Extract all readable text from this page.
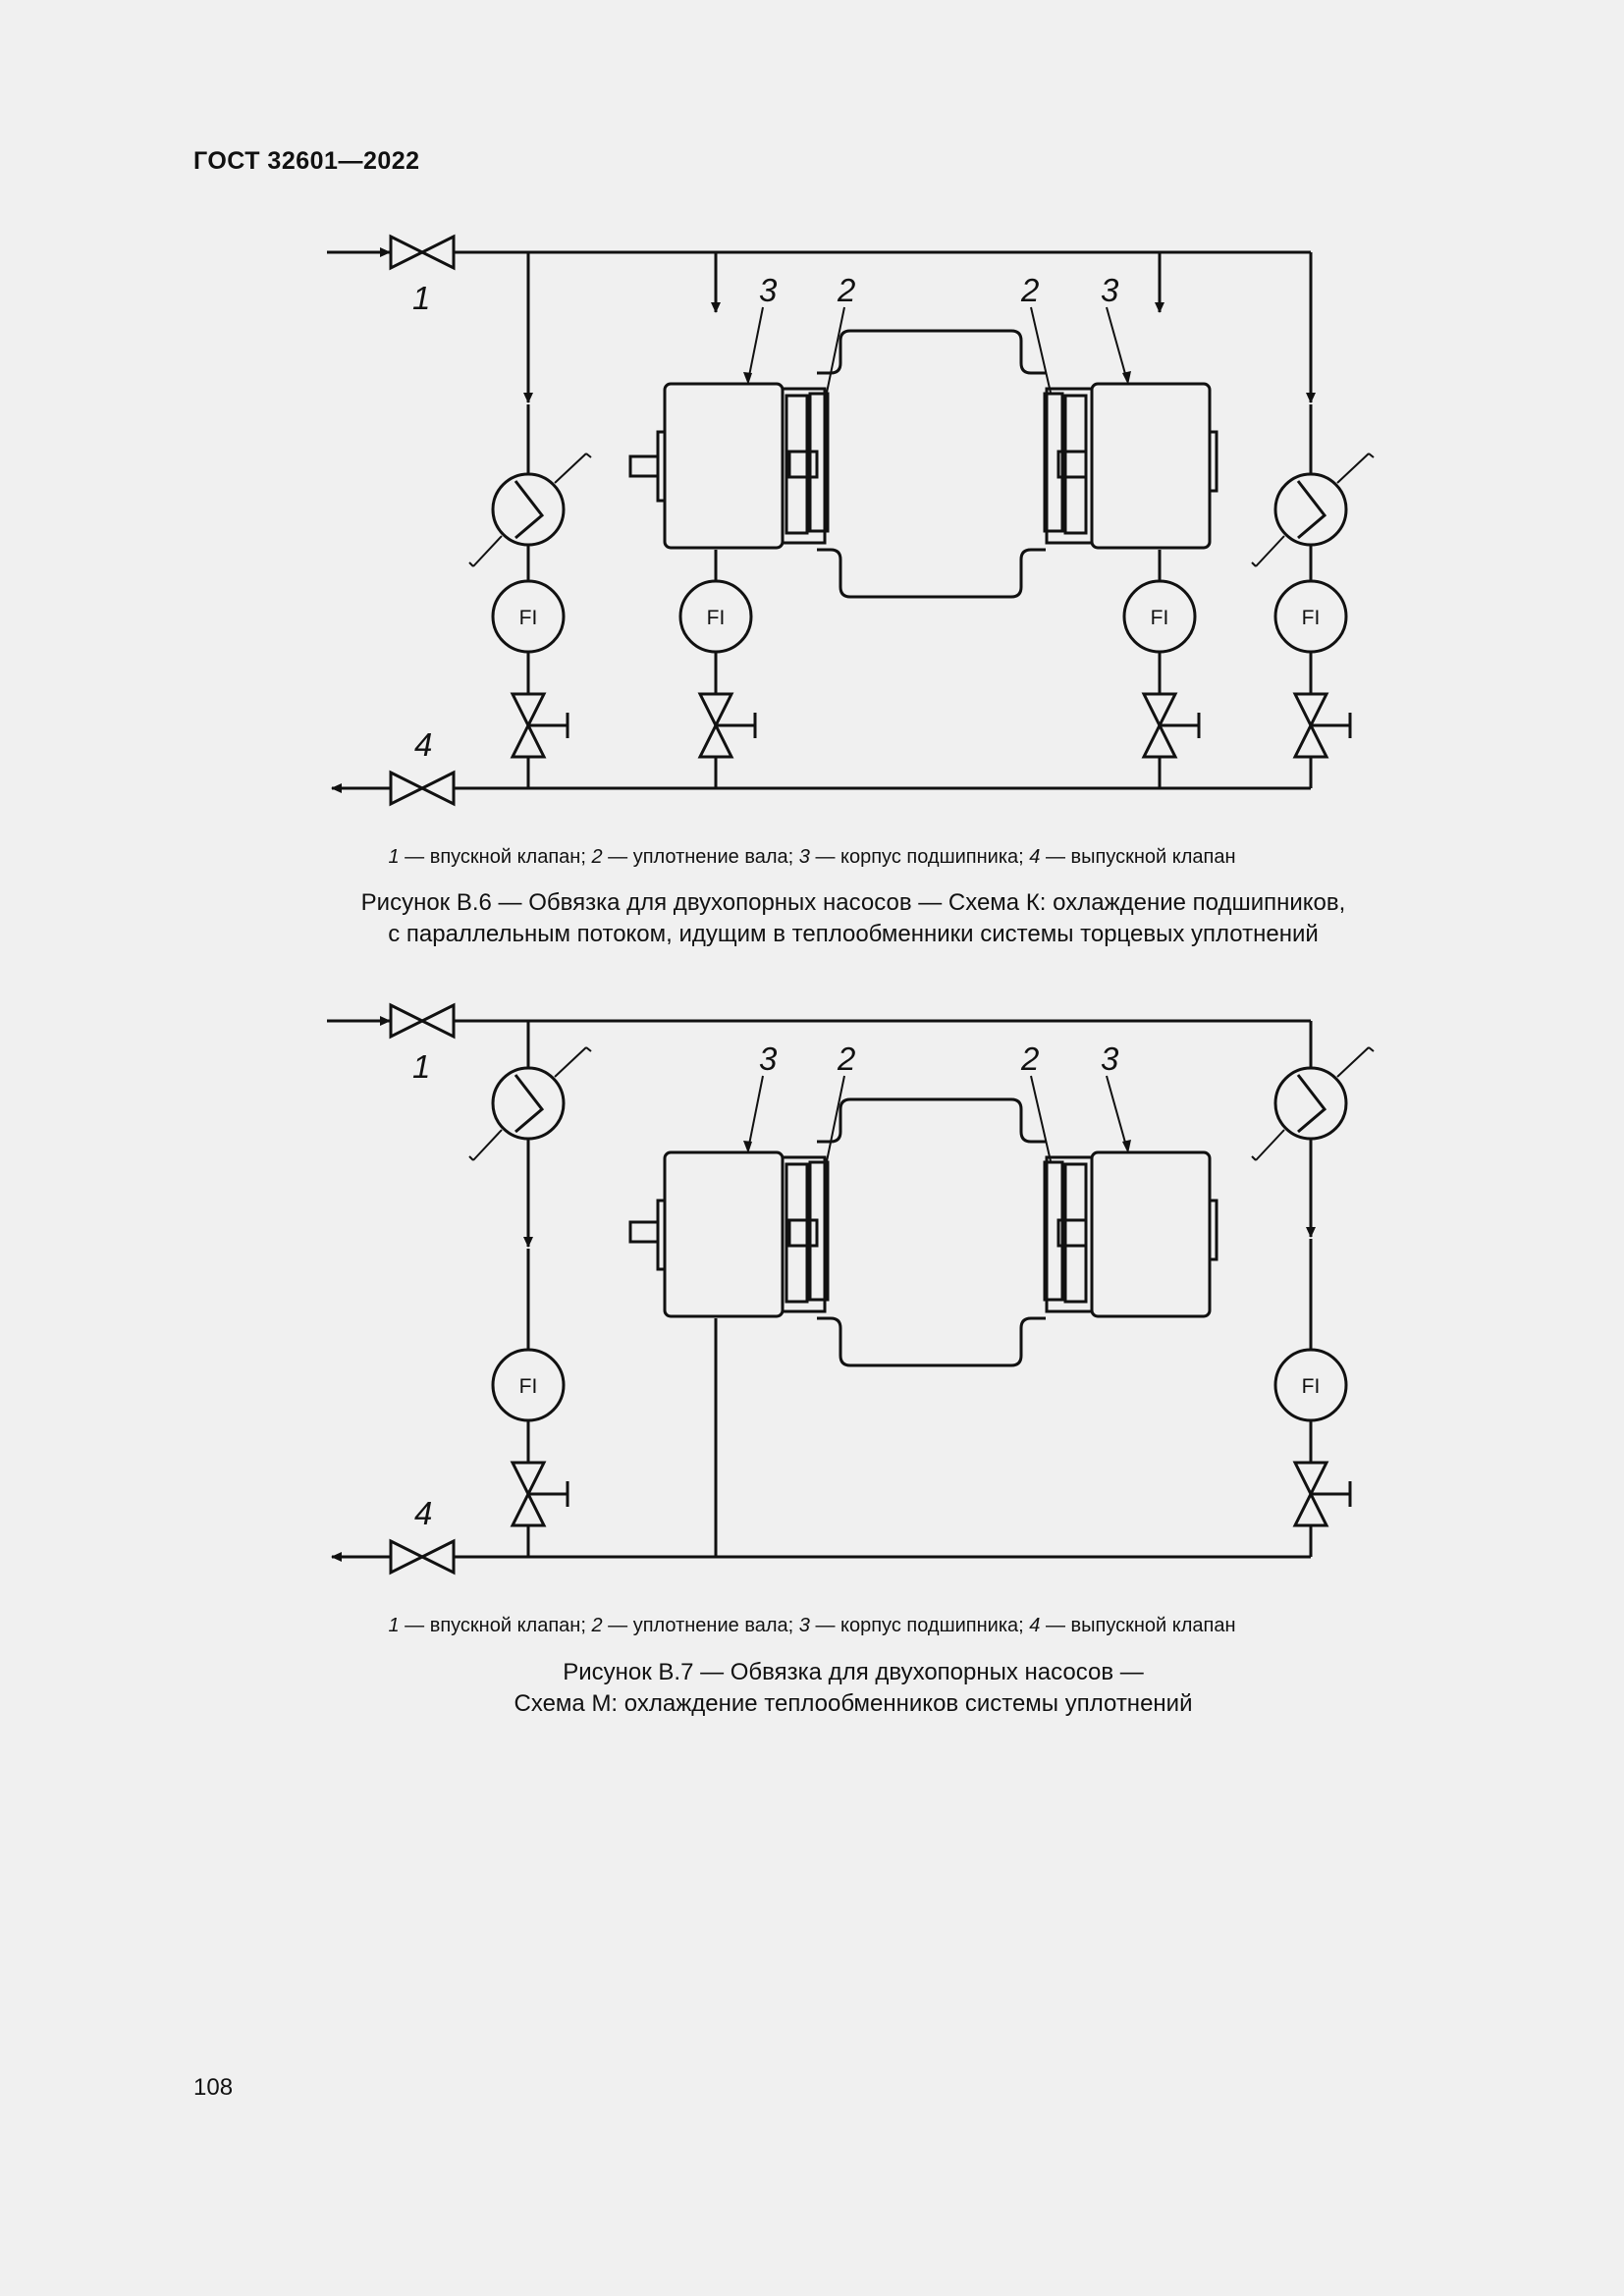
ГОСТ 32601—2022
1
4
FI	FI	FI	FI
3 2	2 3
1 — впускной клапан; 2 — уплотнение вала; 3 — корпус подшипника; 4 — выпускной клапан
Рисунок В.6 — Обвязка для двухопорных насосов — Схема К: охлаждение подшипников,
с параллельным потоком, идущим в теплообменники системы торцевых уплотнений
1
4
FI	FI
3 2	2 3
1 — впускной клапан; 2 — уплотнение вала; 3 — корпус подшипника; 4 — выпускной клапан
Рисунок В.7 — Обвязка для двухопорных насосов —
Схема М: охлаждение теплообменников системы уплотнений
108
